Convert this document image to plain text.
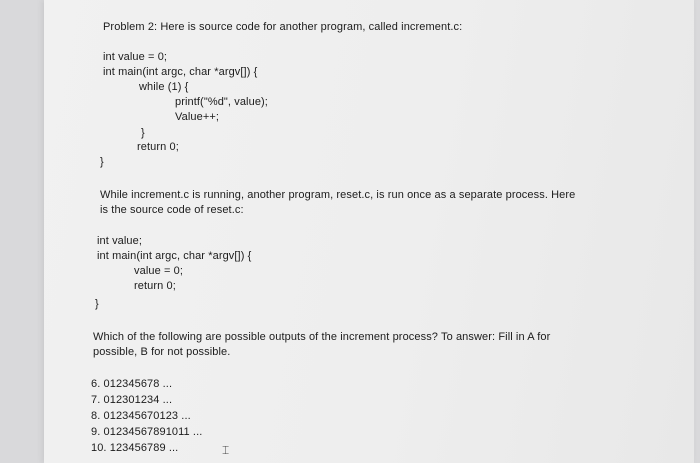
Problem 2: Here is source code for another program, called increment.c:
int value = 0;
int main(int argc, char *argv[]) {
while (1) {
printf("%d", value);
Value++;
}
return 0;
}
While increment.c is running, another program, reset.c, is run once as a separate process. Here
is the source code of reset.c:
int value;
int main(int argc, char *argv[]) {
value = 0;
return 0;
}
Which of the following are possible outputs of the increment process? To answer: Fill in A for
possible, B for not possible.
6. 012345678 ...
7. 012301234 ...
8. 012345670123 ...
9. 01234567891011 ...
10. 123456789 ...	⌶
